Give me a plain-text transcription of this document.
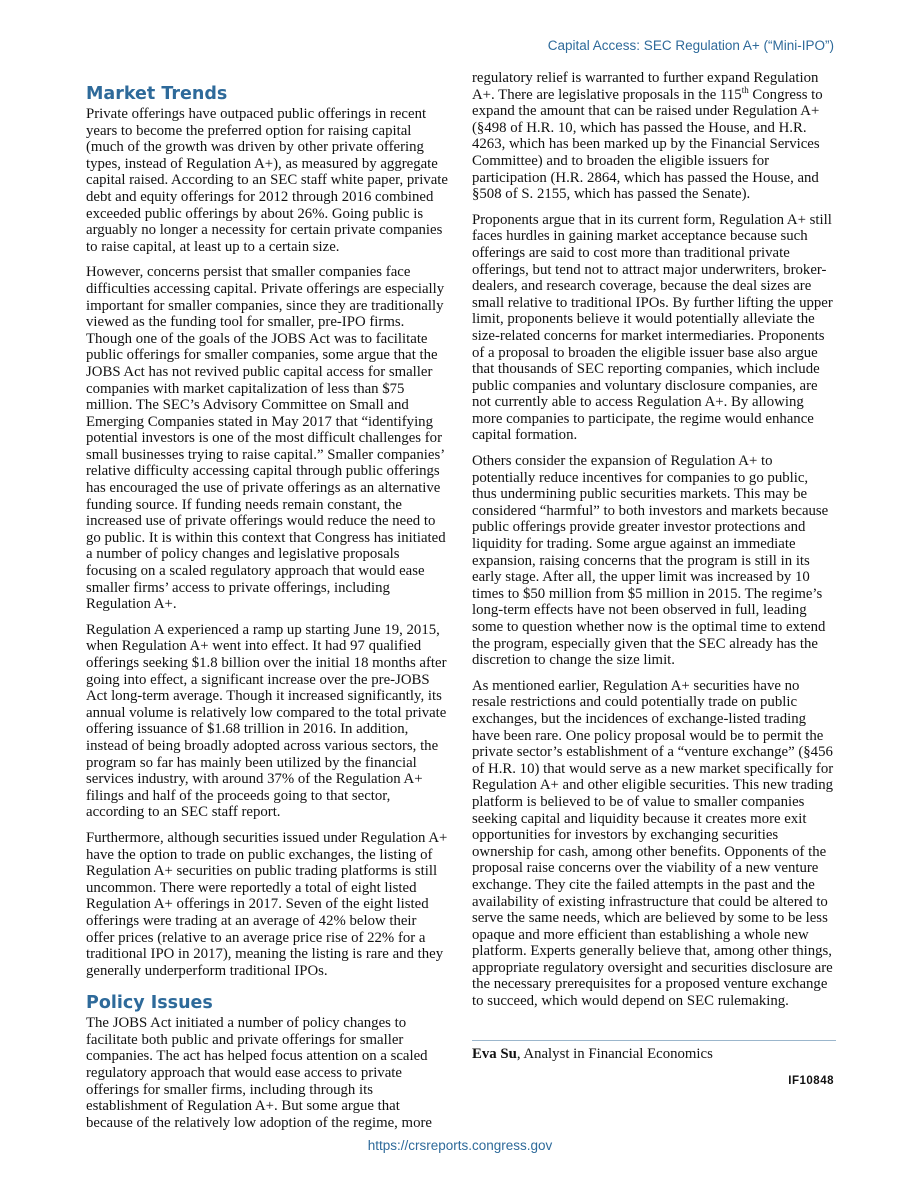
Capital Access: SEC Regulation A+ (“Mini-IPO”)
Market Trends

Private offerings have outpaced public offerings in recent years to become the preferred option for raising capital (much of the growth was driven by other private offering types, instead of Regulation A+), as measured by aggregate capital raised. According to an SEC staff white paper, private debt and equity offerings for 2012 through 2016 combined exceeded public offerings by about 26%. Going public is arguably no longer a necessity for certain private companies to raise capital, at least up to a certain size.

However, concerns persist that smaller companies face difficulties accessing capital. Private offerings are especially important for smaller companies, since they are traditionally viewed as the funding tool for smaller, pre-IPO firms. Though one of the goals of the JOBS Act was to facilitate public offerings for smaller companies, some argue that the JOBS Act has not revived public capital access for smaller companies with market capitalization of less than $75 million. The SEC’s Advisory Committee on Small and Emerging Companies stated in May 2017 that “identifying potential investors is one of the most difficult challenges for small businesses trying to raise capital.” Smaller companies’ relative difficulty accessing capital through public offerings has encouraged the use of private offerings as an alternative funding source. If funding needs remain constant, the increased use of private offerings would reduce the need to go public. It is within this context that Congress has initiated a number of policy changes and legislative proposals focusing on a scaled regulatory approach that would ease smaller firms’ access to private offerings, including Regulation A+.

Regulation A experienced a ramp up starting June 19, 2015, when Regulation A+ went into effect. It had 97 qualified offerings seeking $1.8 billion over the initial 18 months after going into effect, a significant increase over the pre-JOBS Act long-term average. Though it increased significantly, its annual volume is relatively low compared to the total private offering issuance of $1.68 trillion in 2016. In addition, instead of being broadly adopted across various sectors, the program so far has mainly been utilized by the financial services industry, with around 37% of the Regulation A+ filings and half of the proceeds going to that sector, according to an SEC staff report.

Furthermore, although securities issued under Regulation A+ have the option to trade on public exchanges, the listing of Regulation A+ securities on public trading platforms is still uncommon. There were reportedly a total of eight listed Regulation A+ offerings in 2017. Seven of the eight listed offerings were trading at an average of 42% below their offer prices (relative to an average price rise of 22% for a traditional IPO in 2017), meaning the listing is rare and they generally underperform traditional IPOs.

Policy Issues

The JOBS Act initiated a number of policy changes to facilitate both public and private offerings for smaller companies. The act has helped focus attention on a scaled regulatory approach that would ease access to private offerings for smaller firms, including through its establishment of Regulation A+. But some argue that because of the relatively low adoption of the regime, more

regulatory relief is warranted to further expand Regulation A+. There are legislative proposals in the 115th Congress to expand the amount that can be raised under Regulation A+ (§498 of H.R. 10, which has passed the House, and H.R. 4263, which has been marked up by the Financial Services Committee) and to broaden the eligible issuers for participation (H.R. 2864, which has passed the House, and §508 of S. 2155, which has passed the Senate).

Proponents argue that in its current form, Regulation A+ still faces hurdles in gaining market acceptance because such offerings are said to cost more than traditional private offerings, but tend not to attract major underwriters, broker-dealers, and research coverage, because the deal sizes are small relative to traditional IPOs. By further lifting the upper limit, proponents believe it would potentially alleviate the size-related concerns for market intermediaries. Proponents of a proposal to broaden the eligible issuer base also argue that thousands of SEC reporting companies, which include public companies and voluntary disclosure companies, are not currently able to access Regulation A+. By allowing more companies to participate, the regime would enhance capital formation.

Others consider the expansion of Regulation A+ to potentially reduce incentives for companies to go public, thus undermining public securities markets. This may be considered “harmful” to both investors and markets because public offerings provide greater investor protections and liquidity for trading. Some argue against an immediate expansion, raising concerns that the program is still in its early stage. After all, the upper limit was increased by 10 times to $50 million from $5 million in 2015. The regime’s long-term effects have not been observed in full, leading some to question whether now is the optimal time to extend the program, especially given that the SEC already has the discretion to change the size limit.

As mentioned earlier, Regulation A+ securities have no resale restrictions and could potentially trade on public exchanges, but the incidences of exchange-listed trading have been rare. One policy proposal would be to permit the private sector’s establishment of a “venture exchange” (§456 of H.R. 10) that would serve as a new market specifically for Regulation A+ and other eligible securities. This new trading platform is believed to be of value to smaller companies seeking capital and liquidity because it creates more exit opportunities for investors by exchanging securities ownership for cash, among other benefits. Opponents of the proposal raise concerns over the viability of a new venture exchange. They cite the failed attempts in the past and the availability of existing infrastructure that could be altered to serve the same needs, which are believed by some to be less opaque and more efficient than establishing a whole new platform. Experts generally believe that, among other things, appropriate regulatory oversight and securities disclosure are the necessary prerequisites for a proposed venture exchange to succeed, which would depend on SEC rulemaking.

Eva Su, Analyst in Financial Economics
IF10848
https://crsreports.congress.gov
